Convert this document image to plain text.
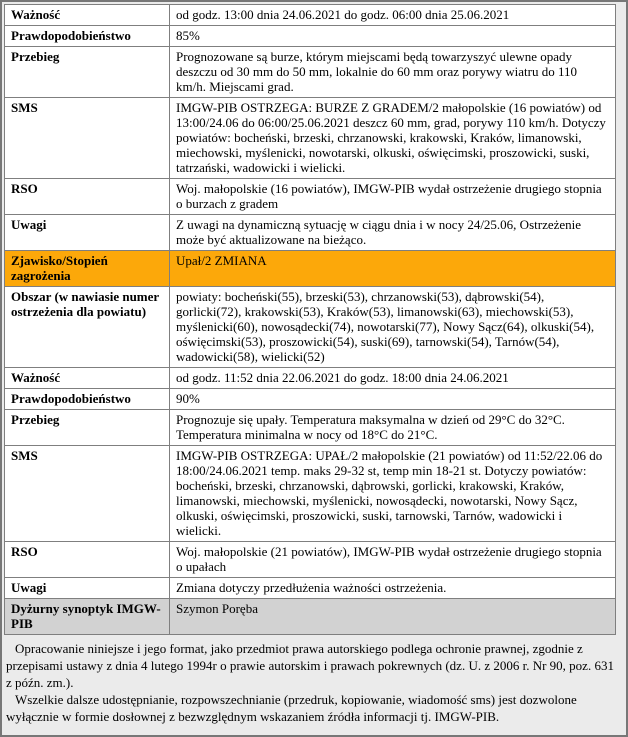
Ważność	od godz. 13:00 dnia 24.06.2021 do godz. 06:00 dnia 25.06.2021
Prawdopodobieństwo	85%
Przebieg	Prognozowane są burze, którym miejscami będą towarzyszyć ulewne opady deszczu od 30 mm do 50 mm, lokalnie do 60 mm oraz porywy wiatru do 110 km/h. Miejscami grad.
SMS	IMGW-PIB OSTRZEGA: BURZE Z GRADEM/2 małopolskie (16 powiatów) od 13:00/24.06 do 06:00/25.06.2021 deszcz 60 mm, grad, porywy 110 km/h. Dotyczy powiatów: bocheński, brzeski, chrzanowski, krakowski, Kraków, limanowski, miechowski, myślenicki, nowotarski, olkuski, oświęcimski, proszowicki, suski, tatrzański, wadowicki i wielicki.
RSO	Woj. małopolskie (16 powiatów), IMGW-PIB wydał ostrzeżenie drugiego stopnia o burzach z gradem
Uwagi	Z uwagi na dynamiczną sytuację w ciągu dnia i w nocy 24/25.06, Ostrzeżenie może być aktualizowane na bieżąco.
Zjawisko/Stopień zagrożenia	Upał/2 ZMIANA
Obszar (w nawiasie numer ostrzeżenia dla powiatu)	powiaty: bocheński(55), brzeski(53), chrzanowski(53), dąbrowski(54), gorlicki(72), krakowski(53), Kraków(53), limanowski(63), miechowski(53), myślenicki(60), nowosądecki(74), nowotarski(77), Nowy Sącz(64), olkuski(54), oświęcimski(53), proszowicki(54), suski(69), tarnowski(54), Tarnów(54), wadowicki(58), wielicki(52)
Ważność	od godz. 11:52 dnia 22.06.2021 do godz. 18:00 dnia 24.06.2021
Prawdopodobieństwo	90%
Przebieg	Prognozuje się upały. Temperatura maksymalna w dzień od 29°C do 32°C. Temperatura minimalna w nocy od 18°C do 21°C.
SMS	IMGW-PIB OSTRZEGA: UPAŁ/2 małopolskie (21 powiatów) od 11:52/22.06 do 18:00/24.06.2021 temp. maks 29-32 st, temp min 18-21 st. Dotyczy powiatów: bocheński, brzeski, chrzanowski, dąbrowski, gorlicki, krakowski, Kraków, limanowski, miechowski, myślenicki, nowosądecki, nowotarski, Nowy Sącz, olkuski, oświęcimski, proszowicki, suski, tarnowski, Tarnów, wadowicki i wielicki.
RSO	Woj. małopolskie (21 powiatów), IMGW-PIB wydał ostrzeżenie drugiego stopnia o upałach
Uwagi	Zmiana dotyczy przedłużenia ważności ostrzeżenia.
Dyżurny synoptyk IMGW-PIB	Szymon Poręba

Opracowanie niniejsze i jego format, jako przedmiot prawa autorskiego podlega ochronie prawnej, zgodnie z przepisami ustawy z dnia 4 lutego 1994r o prawie autorskim i prawach pokrewnych (dz. U. z 2006 r. Nr 90, poz. 631 z późn. zm.).

Wszelkie dalsze udostępnianie, rozpowszechnianie (przedruk, kopiowanie, wiadomość sms) jest dozwolone wyłącznie w formie dosłownej z bezwzględnym wskazaniem źródła informacji tj. IMGW-PIB.
